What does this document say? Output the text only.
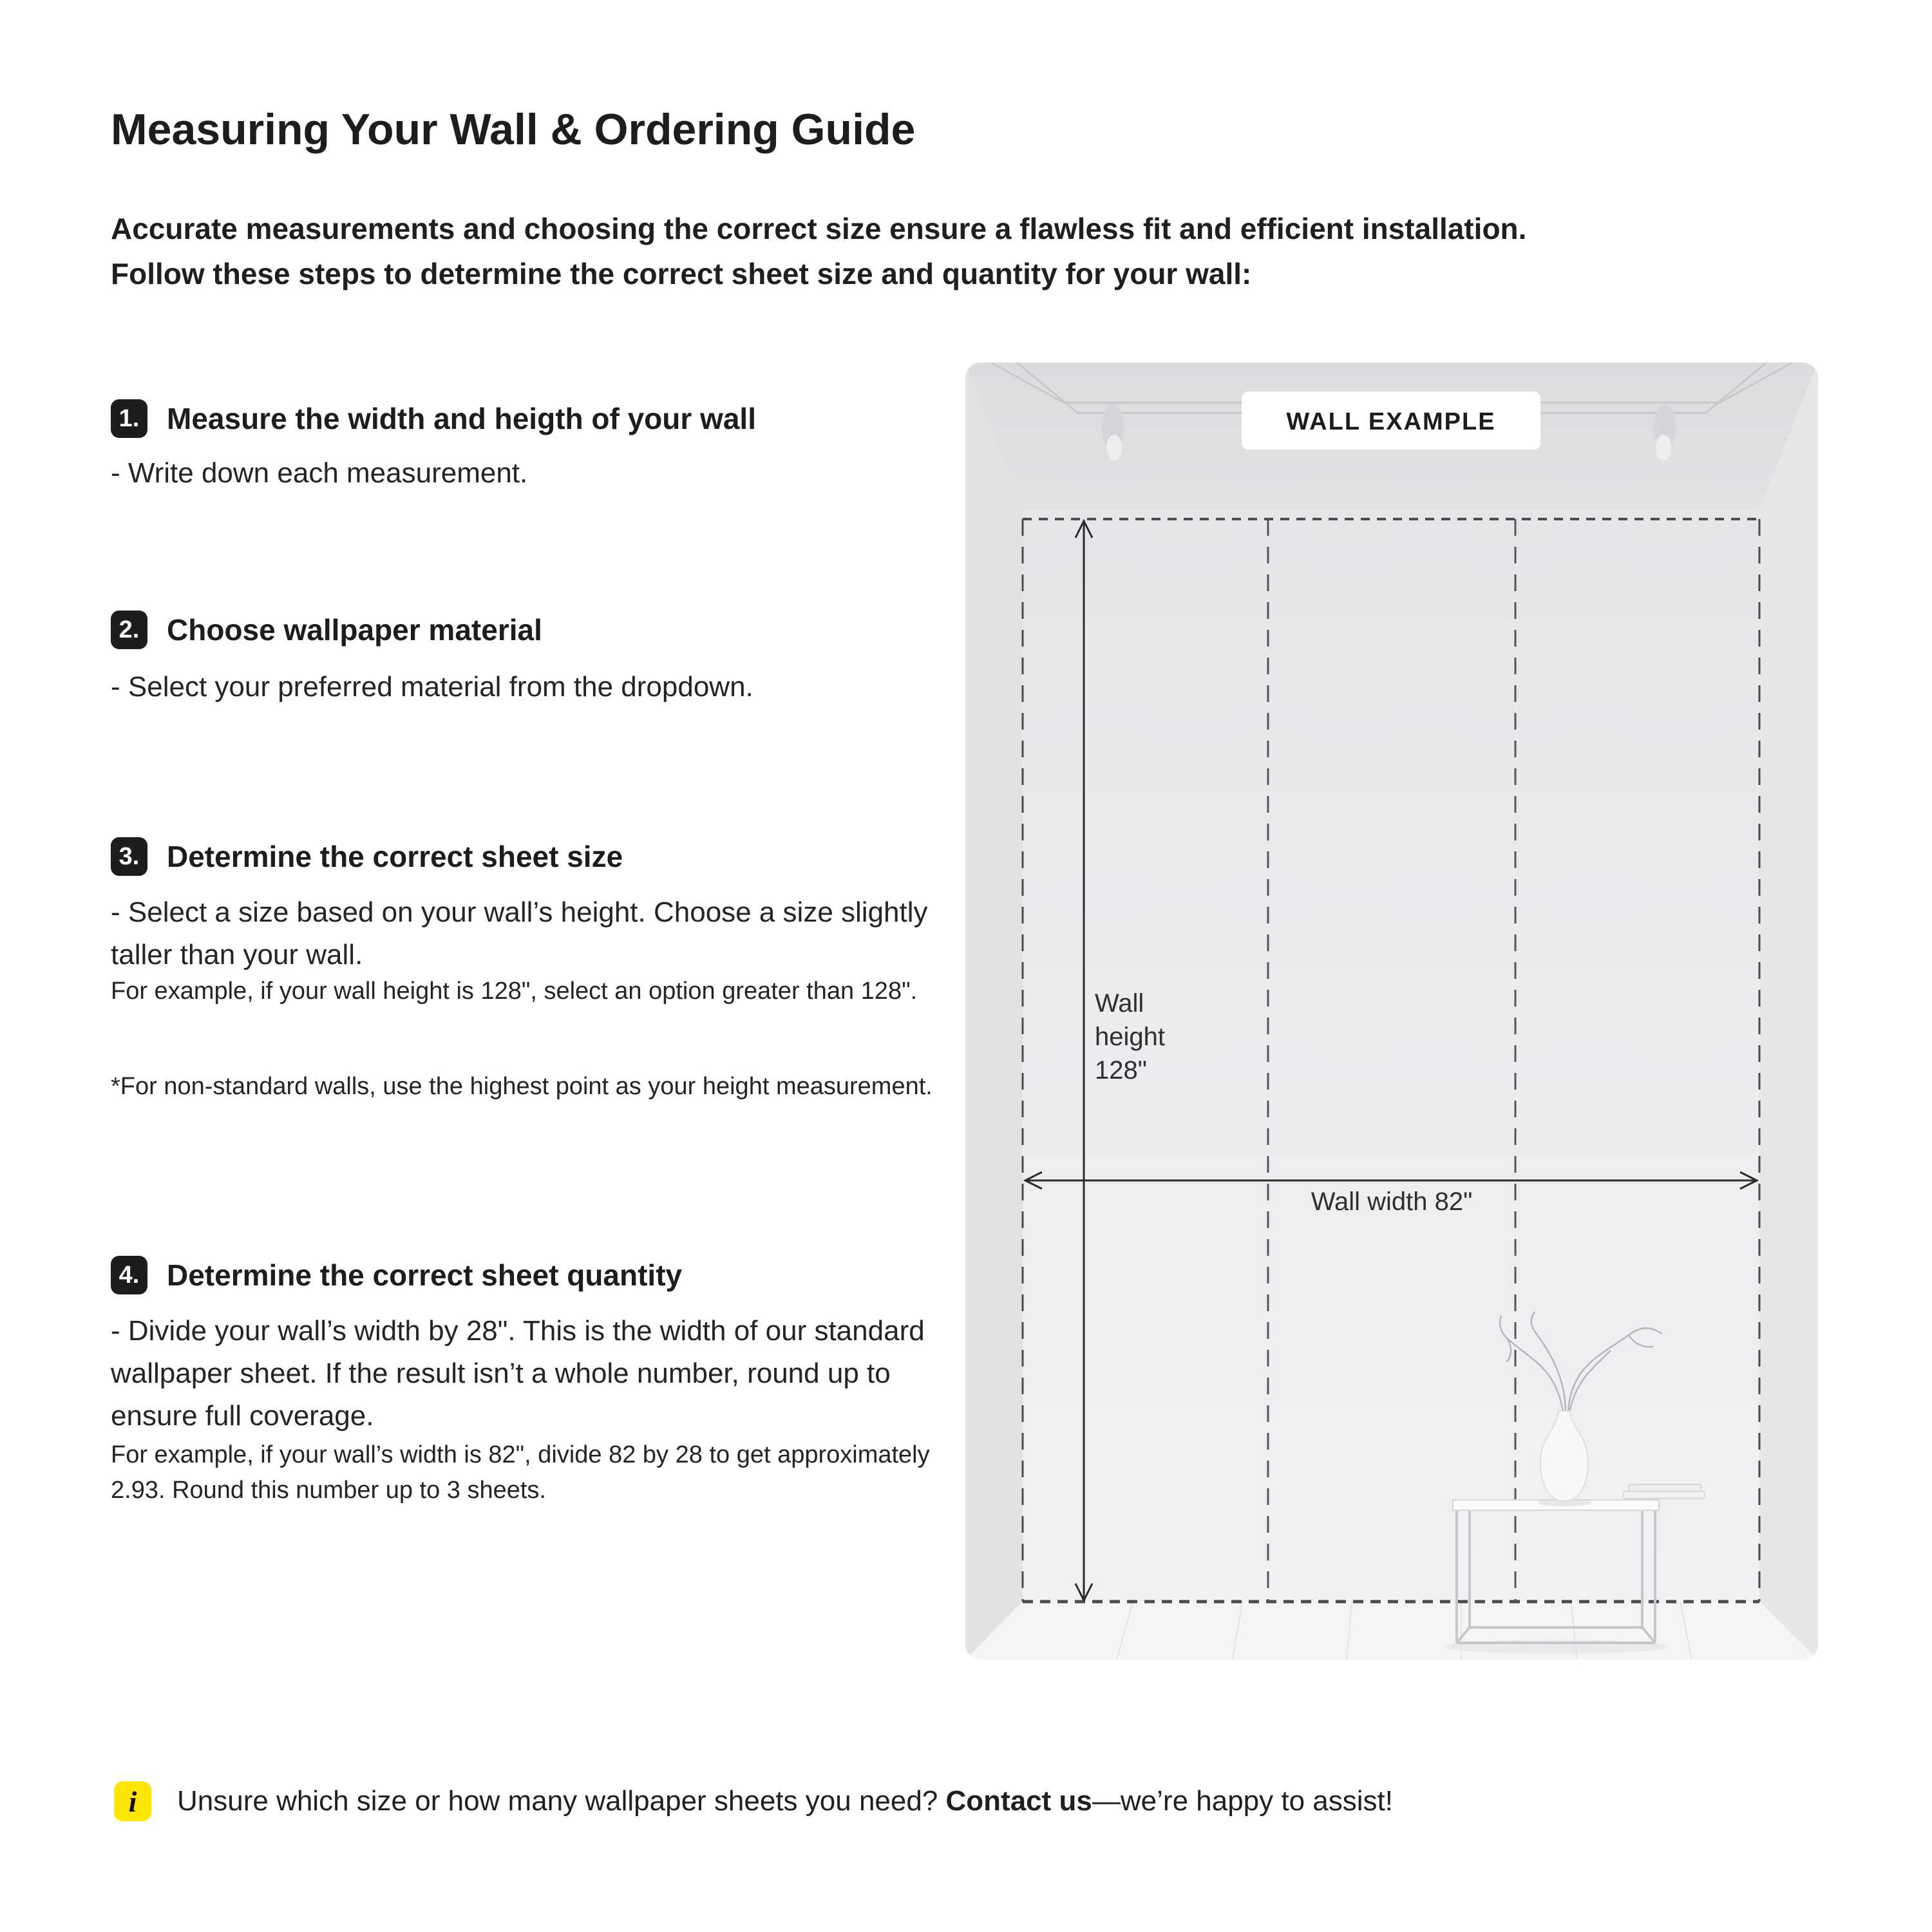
Measuring Your Wall & Ordering Guide
Accurate measurements and choosing the correct size ensure a flawless fit and efficient installation.
Follow these steps to determine the correct sheet size and quantity for your wall:
1. Measure the width and heigth of your wall
- Write down each measurement.
2. Choose wallpaper material
- Select your preferred material from the dropdown.
3. Determine the correct sheet size
- Select a size based on your wall’s height. Choose a size slightly taller than your wall.
For example, if your wall height is 128", select an option greater than 128".
*For non-standard walls, use the highest point as your height measurement.
4. Determine the correct sheet quantity
- Divide your wall’s width by 28". This is the width of our standard wallpaper sheet. If the result isn’t a whole number, round up to ensure full coverage.
For example, if your wall’s width is 82", divide 82 by 28 to get approximately 2.93. Round this number up to 3 sheets.
WALL EXAMPLE
Wall
height
128"
Wall width 82"
i	Unsure which size or how many wallpaper sheets you need? Contact us—we’re happy to assist!
